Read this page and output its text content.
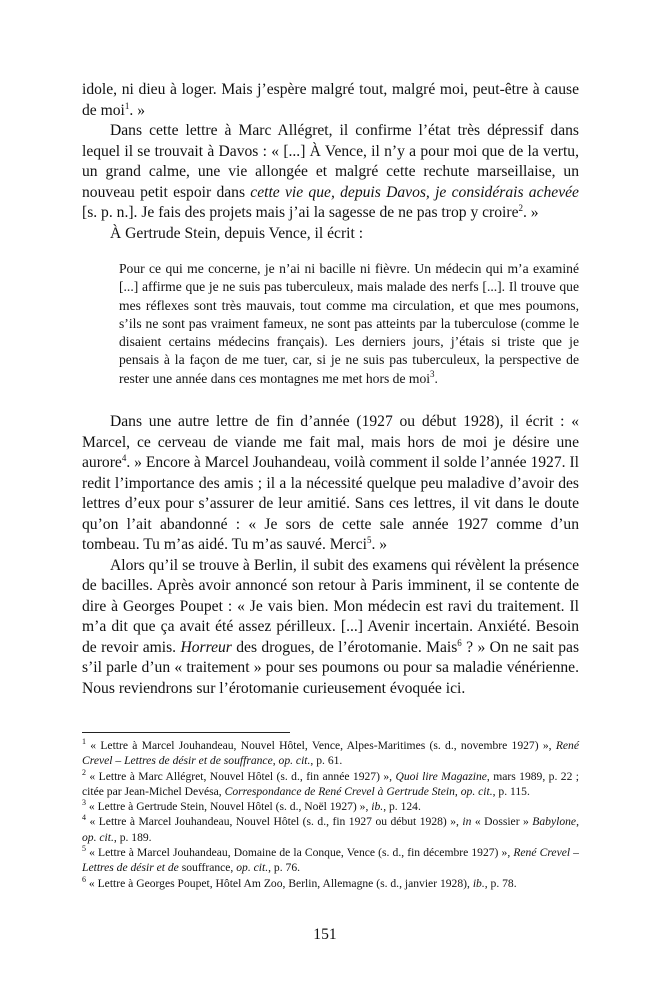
idole, ni dieu à loger. Mais j’espère malgré tout, malgré moi, peut-être à cause de moi$^1$. »

Dans cette lettre à Marc Allégret, il confirme l’état très dépressif dans lequel il se trouvait à Davos : « [...] À Vence, il n’y a pour moi que de la vertu, un grand calme, une vie allongée et malgré cette rechute marseillaise, un nouveau petit espoir dans cette vie que, depuis Davos, je considérais achevée [s. p. n.]. Je fais des projets mais j’ai la sagesse de ne pas trop y croire$^2$. »

À Gertrude Stein, depuis Vence, il écrit :

Pour ce qui me concerne, je n’ai ni bacille ni fièvre. Un médecin qui m’a examiné [...] affirme que je ne suis pas tuberculeux, mais malade des nerfs [...]. Il trouve que mes réflexes sont très mauvais, tout comme ma circulation, et que mes poumons, s’ils ne sont pas vraiment fameux, ne sont pas atteints par la tuberculose (comme le disaient certains médecins français). Les derniers jours, j’étais si triste que je pensais à la façon de me tuer, car, si je ne suis pas tuberculeux, la perspective de rester une année dans ces montagnes me met hors de moi$^3$.

Dans une autre lettre de fin d’année (1927 ou début 1928), il écrit : « Marcel, ce cerveau de viande me fait mal, mais hors de moi je désire une aurore$^4$. » Encore à Marcel Jouhandeau, voilà comment il solde l’année 1927. Il redit l’importance des amis ; il a la nécessité quelque peu maladive d’avoir des lettres d’eux pour s’assurer de leur amitié. Sans ces lettres, il vit dans le doute qu’on l’ait abandonné : « Je sors de cette sale année 1927 comme d’un tombeau. Tu m’as aidé. Tu m’as sauvé. Merci$^5$. »

Alors qu’il se trouve à Berlin, il subit des examens qui révèlent la présence de bacilles. Après avoir annoncé son retour à Paris imminent, il se contente de dire à Georges Poupet : « Je vais bien. Mon médecin est ravi du traitement. Il m’a dit que ça avait été assez périlleux. [...] Avenir incertain. Anxiété. Besoin de revoir amis. Horreur des drogues, de l’érotomanie. Mais$^6$ ? » On ne sait pas s’il parle d’un « traitement » pour ses poumons ou pour sa maladie vénérienne. Nous reviendrons sur l’érotomanie curieusement évoquée ici.

$^1$ « Lettre à Marcel Jouhandeau, Nouvel Hôtel, Vence, Alpes-Maritimes (s. d., novembre 1927) », René Crevel – Lettres de désir et de souffrance, op. cit., p. 61.

$^2$ « Lettre à Marc Allégret, Nouvel Hôtel (s. d., fin année 1927) », Quoi lire Magazine, mars 1989, p. 22 ; citée par Jean-Michel Devésa, Correspondance de René Crevel à Gertrude Stein, op. cit., p. 115.

$^3$ « Lettre à Gertrude Stein, Nouvel Hôtel (s. d., Noël 1927) », ib., p. 124.

$^4$ « Lettre à Marcel Jouhandeau, Nouvel Hôtel (s. d., fin 1927 ou début 1928) », in « Dossier » Babylone, op. cit., p. 189.

$^5$ « Lettre à Marcel Jouhandeau, Domaine de la Conque, Vence (s. d., fin décembre 1927) », René Crevel – Lettres de désir et de souffrance, op. cit., p. 76.

$^6$ « Lettre à Georges Poupet, Hôtel Am Zoo, Berlin, Allemagne (s. d., janvier 1928), ib., p. 78.

151
